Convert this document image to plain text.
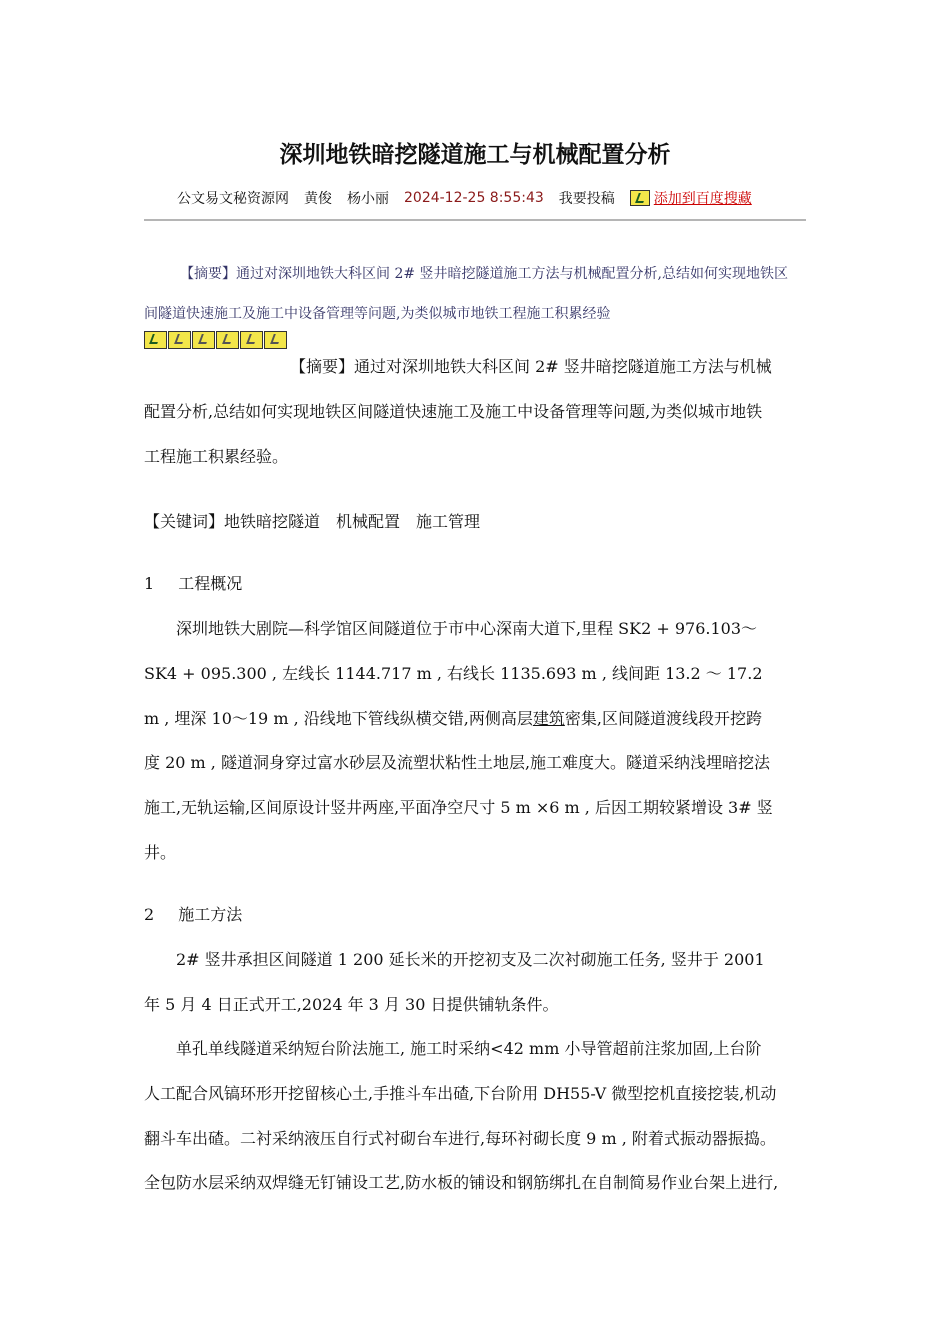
深圳地铁暗挖隧道施工与机械配置分析
公文易文秘资源网 黄俊 杨小丽 2024-12-25 8:55:43 我要投稿	添加到百度搜藏
【摘要】通过对深圳地铁大科区间 2# 竖井暗挖隧道施工方法与机械配置分析,总结如何实现地铁区
间隧道快速施工及施工中设备管理等问题,为类似城市地铁工程施工积累经验

【摘要】通过对深圳地铁大科区间 2# 竖井暗挖隧道施工方法与机械

配置分析,总结如何实现地铁区间隧道快速施工及施工中设备管理等问题,为类似城市地铁

工程施工积累经验。

【关键词】地铁暗挖隧道　机械配置　施工管理
1 工程概况

深圳地铁大剧院—科学馆区间隧道位于市中心深南大道下,里程 SK2 + 976.103～

SK4 + 095.300 , 左线长 1144.717 m , 右线长 1135.693 m , 线间距 13.2 ～ 17.2

m , 埋深 10～19 m , 沿线地下管线纵横交错,两侧高层建筑密集,区间隧道渡线段开挖跨

度 20 m , 隧道洞身穿过富水砂层及流塑状粘性土地层,施工难度大。隧道采纳浅埋暗挖法

施工,无轨运输,区间原设计竖井两座,平面净空尺寸 5 m ×6 m , 后因工期较紧增设 3# 竖

井。

2 施工方法

2# 竖井承担区间隧道 1 200 延长米的开挖初支及二次衬砌施工任务, 竖井于 2001

年 5 月 4 日正式开工,2024 年 3 月 30 日提供铺轨条件。

单孔单线隧道采纳短台阶法施工, 施工时采纳<42 mm 小导管超前注浆加固,上台阶

人工配合风镐环形开挖留核心土,手推斗车出碴,下台阶用 DH55-V 微型挖机直接挖装,机动

翻斗车出碴。二衬采纳液压自行式衬砌台车进行,每环衬砌长度 9 m , 附着式振动器振捣。

全包防水层采纳双焊缝无钉铺设工艺,防水板的铺设和钢筋绑扎在自制简易作业台架上进行,
